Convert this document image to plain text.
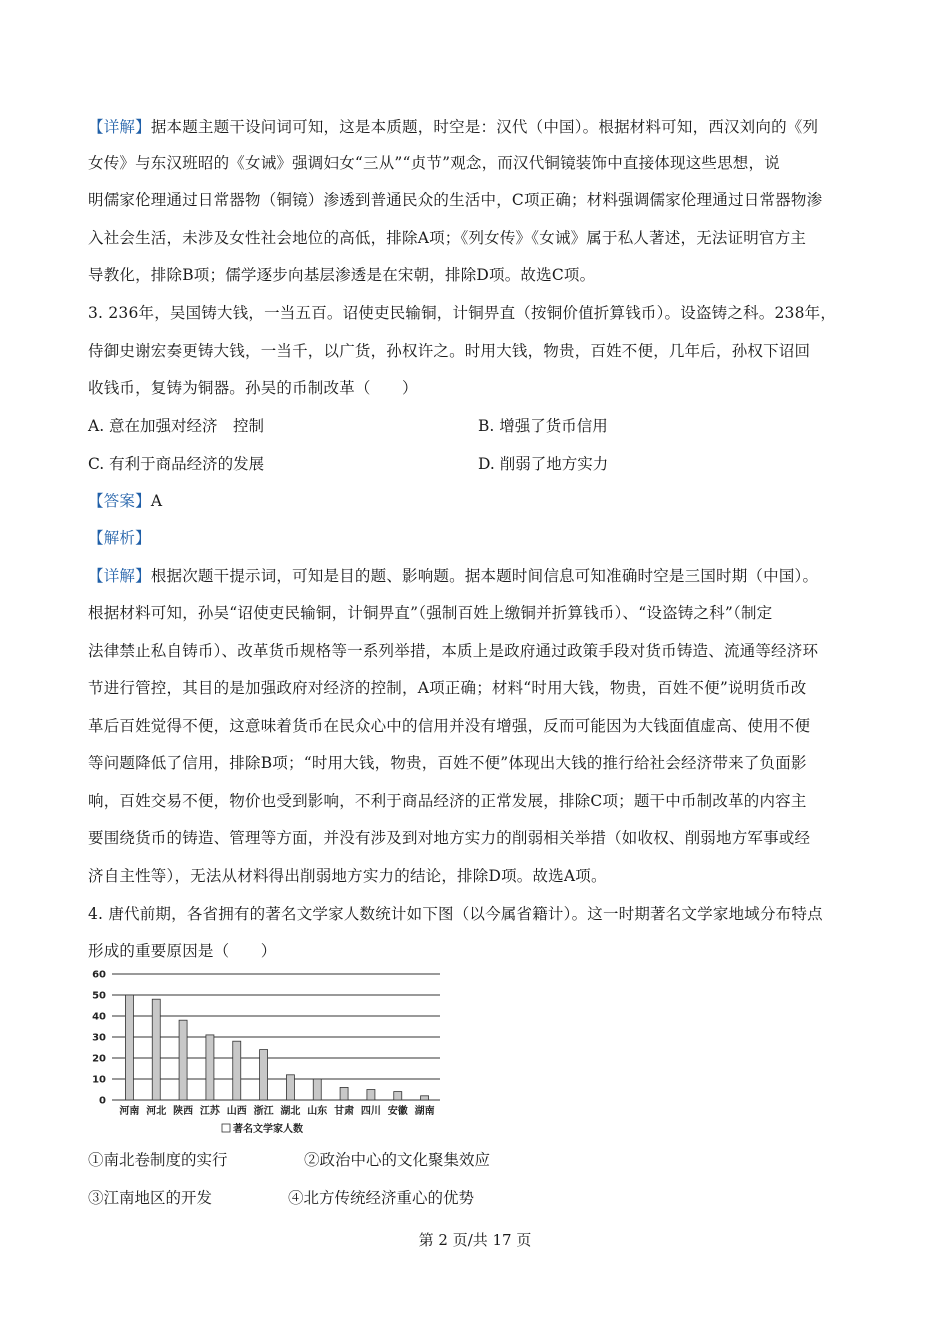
【详解】据本题主题干设问词可知，这是本质题，时空是：汉代（中国）。根据材料可知，西汉刘向的《列
女传》与东汉班昭的《女诫》强调妇女“三从”“贞节”观念，而汉代铜镜装饰中直接体现这些思想，说
明儒家伦理通过日常器物（铜镜）渗透到普通民众的生活中，C项正确；材料强调儒家伦理通过日常器物渗
入社会生活，未涉及女性社会地位的高低，排除A项；《列女传》《女诫》属于私人著述，无法证明官方主
导教化，排除B项；儒学逐步向基层渗透是在宋朝，排除D项。故选C项。
3. 236年，吴国铸大钱，一当五百。诏使吏民输铜，计铜畀直（按铜价值折算钱币）。设盗铸之科。238年，
侍御史谢宏奏更铸大钱，一当千，以广货，孙权许之。时用大钱，物贵，百姓不便，几年后，孙权下诏回
收钱币，复铸为铜器。孙吴的币制改革（　　）
A. 意在加强对经济　控制	B. 增强了货币信用
C. 有利于商品经济的发展	D. 削弱了地方实力
【答案】A
【解析】
【详解】根据次题干提示词，可知是目的题、影响题。据本题时间信息可知准确时空是三国时期（中国）。
根据材料可知，孙吴“诏使吏民输铜，计铜畀直”（强制百姓上缴铜并折算钱币）、“设盗铸之科”（制定
法律禁止私自铸币）、改革货币规格等一系列举措，本质上是政府通过政策手段对货币铸造、流通等经济环
节进行管控，其目的是加强政府对经济的控制，A项正确；材料“时用大钱，物贵，百姓不便”说明货币改
革后百姓觉得不便，这意味着货币在民众心中的信用并没有增强，反而可能因为大钱面值虚高、使用不便
等问题降低了信用，排除B项；“时用大钱，物贵，百姓不便”体现出大钱的推行给社会经济带来了负面影
响，百姓交易不便，物价也受到影响，不利于商品经济的正常发展，排除C项；题干中币制改革的内容主
要围绕货币的铸造、管理等方面，并没有涉及到对地方实力的削弱相关举措（如收权、削弱地方军事或经
济自主性等），无法从材料得出削弱地方实力的结论，排除D项。故选A项。
4. 唐代前期，各省拥有的著名文学家人数统计如下图（以今属省籍计）。这一时期著名文学家地域分布特点
形成的重要原因是（　　）
0
10
20
30
40
50
60
河南 河北 陕西 江苏 山西 浙江 湖北 山东 甘肃 四川 安徽 湖南
著名文学家人数
①南北卷制度的实行	②政治中心的文化聚集效应
③江南地区的开发	④北方传统经济重心的优势
第 2 页/共 17 页
